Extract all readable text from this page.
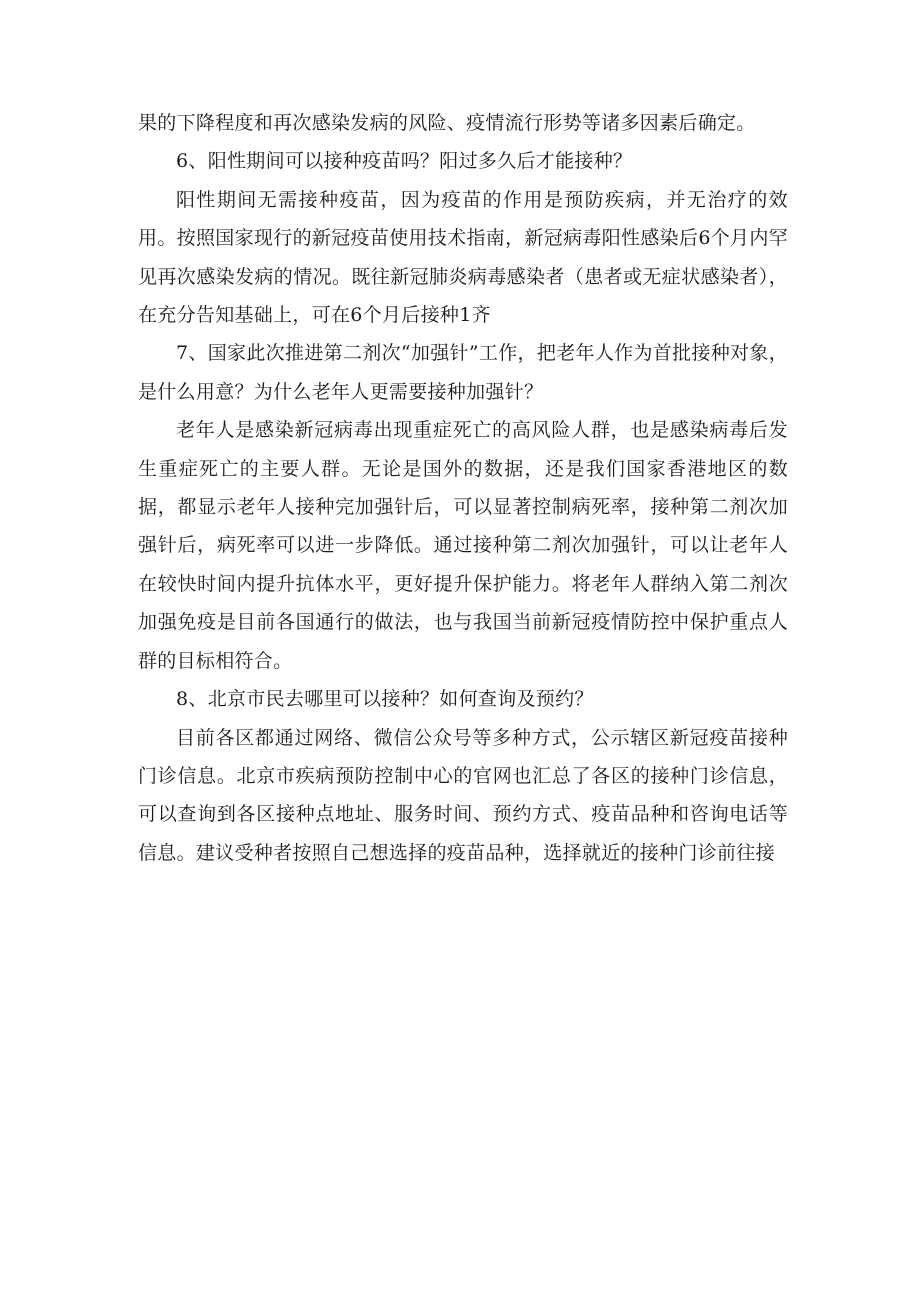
果的下降程度和再次感染发病的风险、疫情流行形势等诸多因素后确定。

6、阳性期间可以接种疫苗吗？阳过多久后才能接种？

阳性期间无需接种疫苗，因为疫苗的作用是预防疾病，并无治疗的效用。按照国家现行的新冠疫苗使用技术指南，新冠病毒阳性感染后6个月内罕见再次感染发病的情况。既往新冠肺炎病毒感染者（患者或无症状感染者），在充分告知基础上，可在6个月后接种1齐

7、国家此次推进第二剂次“加强针”工作，把老年人作为首批接种对象，是什么用意？为什么老年人更需要接种加强针？

老年人是感染新冠病毒出现重症死亡的高风险人群，也是感染病毒后发生重症死亡的主要人群。无论是国外的数据，还是我们国家香港地区的数据，都显示老年人接种完加强针后，可以显著控制病死率，接种第二剂次加强针后，病死率可以进一步降低。通过接种第二剂次加强针，可以让老年人在较快时间内提升抗体水平，更好提升保护能力。将老年人群纳入第二剂次加强免疫是目前各国通行的做法，也与我国当前新冠疫情防控中保护重点人群的目标相符合。

8、北京市民去哪里可以接种？如何查询及预约？

目前各区都通过网络、微信公众号等多种方式，公示辖区新冠疫苗接种门诊信息。北京市疾病预防控制中心的官网也汇总了各区的接种门诊信息，可以查询到各区接种点地址、服务时间、预约方式、疫苗品种和咨询电话等信息。建议受种者按照自己想选择的疫苗品种，选择就近的接种门诊前往接
